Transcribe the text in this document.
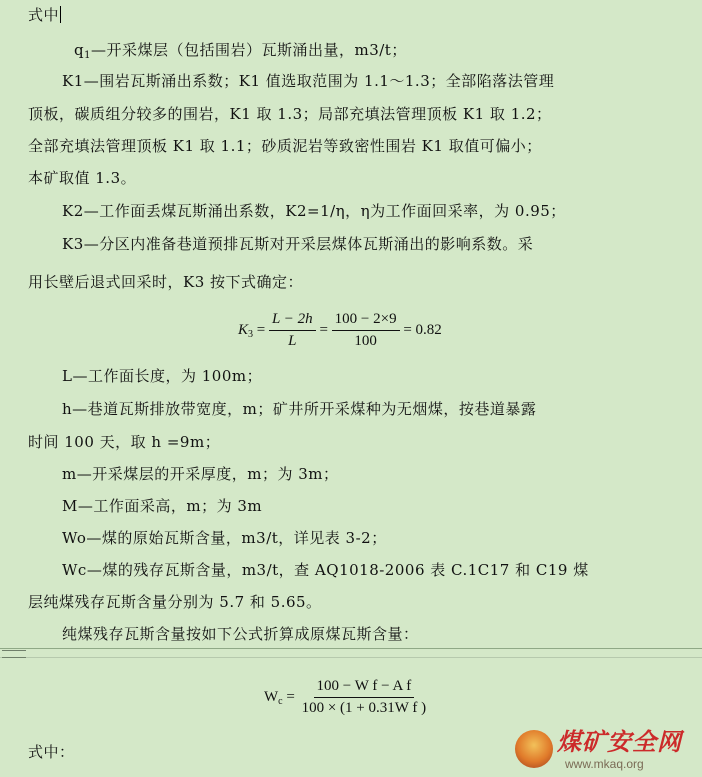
式中
$q_1—$开采煤层（包括围岩）瓦斯涌出量，m3/t；
K1—围岩瓦斯涌出系数；K1 值选取范围为 1.1～1.3；全部陷落法管理
顶板，碳质组分较多的围岩，K1 取 1.3；局部充填法管理顶板 K1 取 1.2；
全部充填法管理顶板 K1 取 1.1；砂质泥岩等致密性围岩 K1 取值可偏小；
本矿取值 1.3。
K2—工作面丢煤瓦斯涌出系数，K2=1/η，η为工作面回采率，为 0.95；
K3—分区内准备巷道预排瓦斯对开采层煤体瓦斯涌出的影响系数。采
用长壁后退式回采时，K3 按下式确定：
$K_3 = \frac{L - 2h}{L} = \frac{100 - 2\times 9}{100} = 0.82$
L—工作面长度，为 100m；
h—巷道瓦斯排放带宽度，m；矿井所开采煤种为无烟煤，按巷道暴露
时间 100 天，取 h =9m；
m—开采煤层的开采厚度，m；为 3m；
M—工作面采高，m；为 3m
Wo—煤的原始瓦斯含量，m3/t，详见表 3-2；
Wc—煤的残存瓦斯含量，m3/t，查 AQ1018-2006 表 C.1C17 和 C19 煤
层纯煤残存瓦斯含量分别为 5.7 和 5.65。
纯煤残存瓦斯含量按如下公式折算成原煤瓦斯含量：
$W_c = \frac{\text{100 − W f − A f}}{\text{100 × (1 + 0.31W f )}}$
式中：	煤矿安全网
www.mkaq.org
